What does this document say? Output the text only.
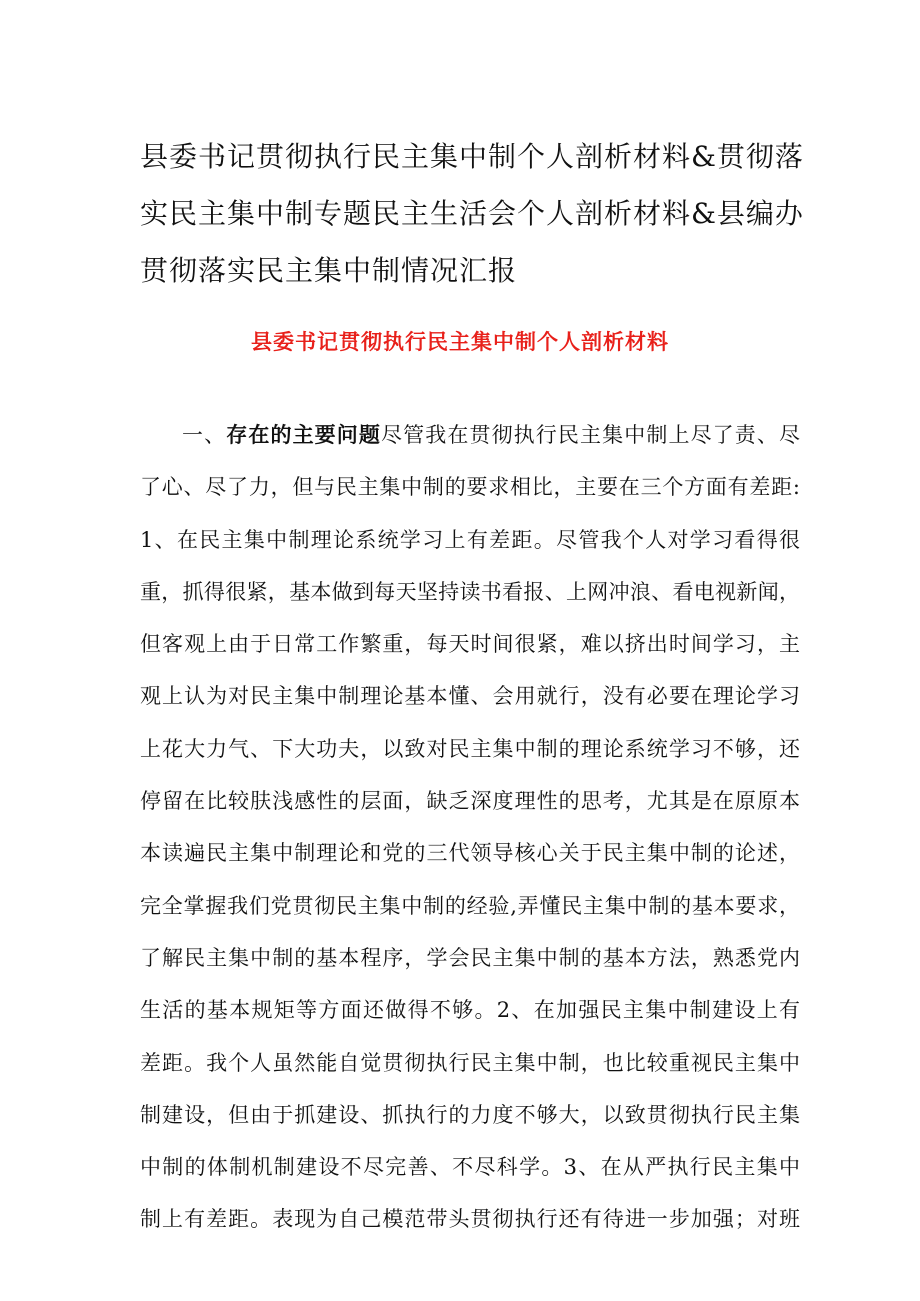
县委书记贯彻执行民主集中制个人剖析材料&贯彻落
实民主集中制专题民主生活会个人剖析材料&县编办
贯彻落实民主集中制情况汇报
县委书记贯彻执行民主集中制个人剖析材料
一、存在的主要问题尽管我在贯彻执行民主集中制上尽了责、尽
了心、尽了力，但与民主集中制的要求相比，主要在三个方面有差距:
1、在民主集中制理论系统学习上有差距。尽管我个人对学习看得很
重，抓得很紧，基本做到每天坚持读书看报、上网冲浪、看电视新闻，
但客观上由于日常工作繁重，每天时间很紧，难以挤出时间学习，主
观上认为对民主集中制理论基本懂、会用就行，没有必要在理论学习
上花大力气、下大功夫，以致对民主集中制的理论系统学习不够，还
停留在比较肤浅感性的层面，缺乏深度理性的思考，尤其是在原原本
本读遍民主集中制理论和党的三代领导核心关于民主集中制的论述，
完全掌握我们党贯彻民主集中制的经验,弄懂民主集中制的基本要求，
了解民主集中制的基本程序，学会民主集中制的基本方法，熟悉党内
生活的基本规矩等方面还做得不够。2、在加强民主集中制建设上有
差距。我个人虽然能自觉贯彻执行民主集中制，也比较重视民主集中
制建设，但由于抓建设、抓执行的力度不够大，以致贯彻执行民主集
中制的体制机制建设不尽完善、不尽科学。3、在从严执行民主集中
制上有差距。表现为自己模范带头贯彻执行还有待进一步加强；对班
